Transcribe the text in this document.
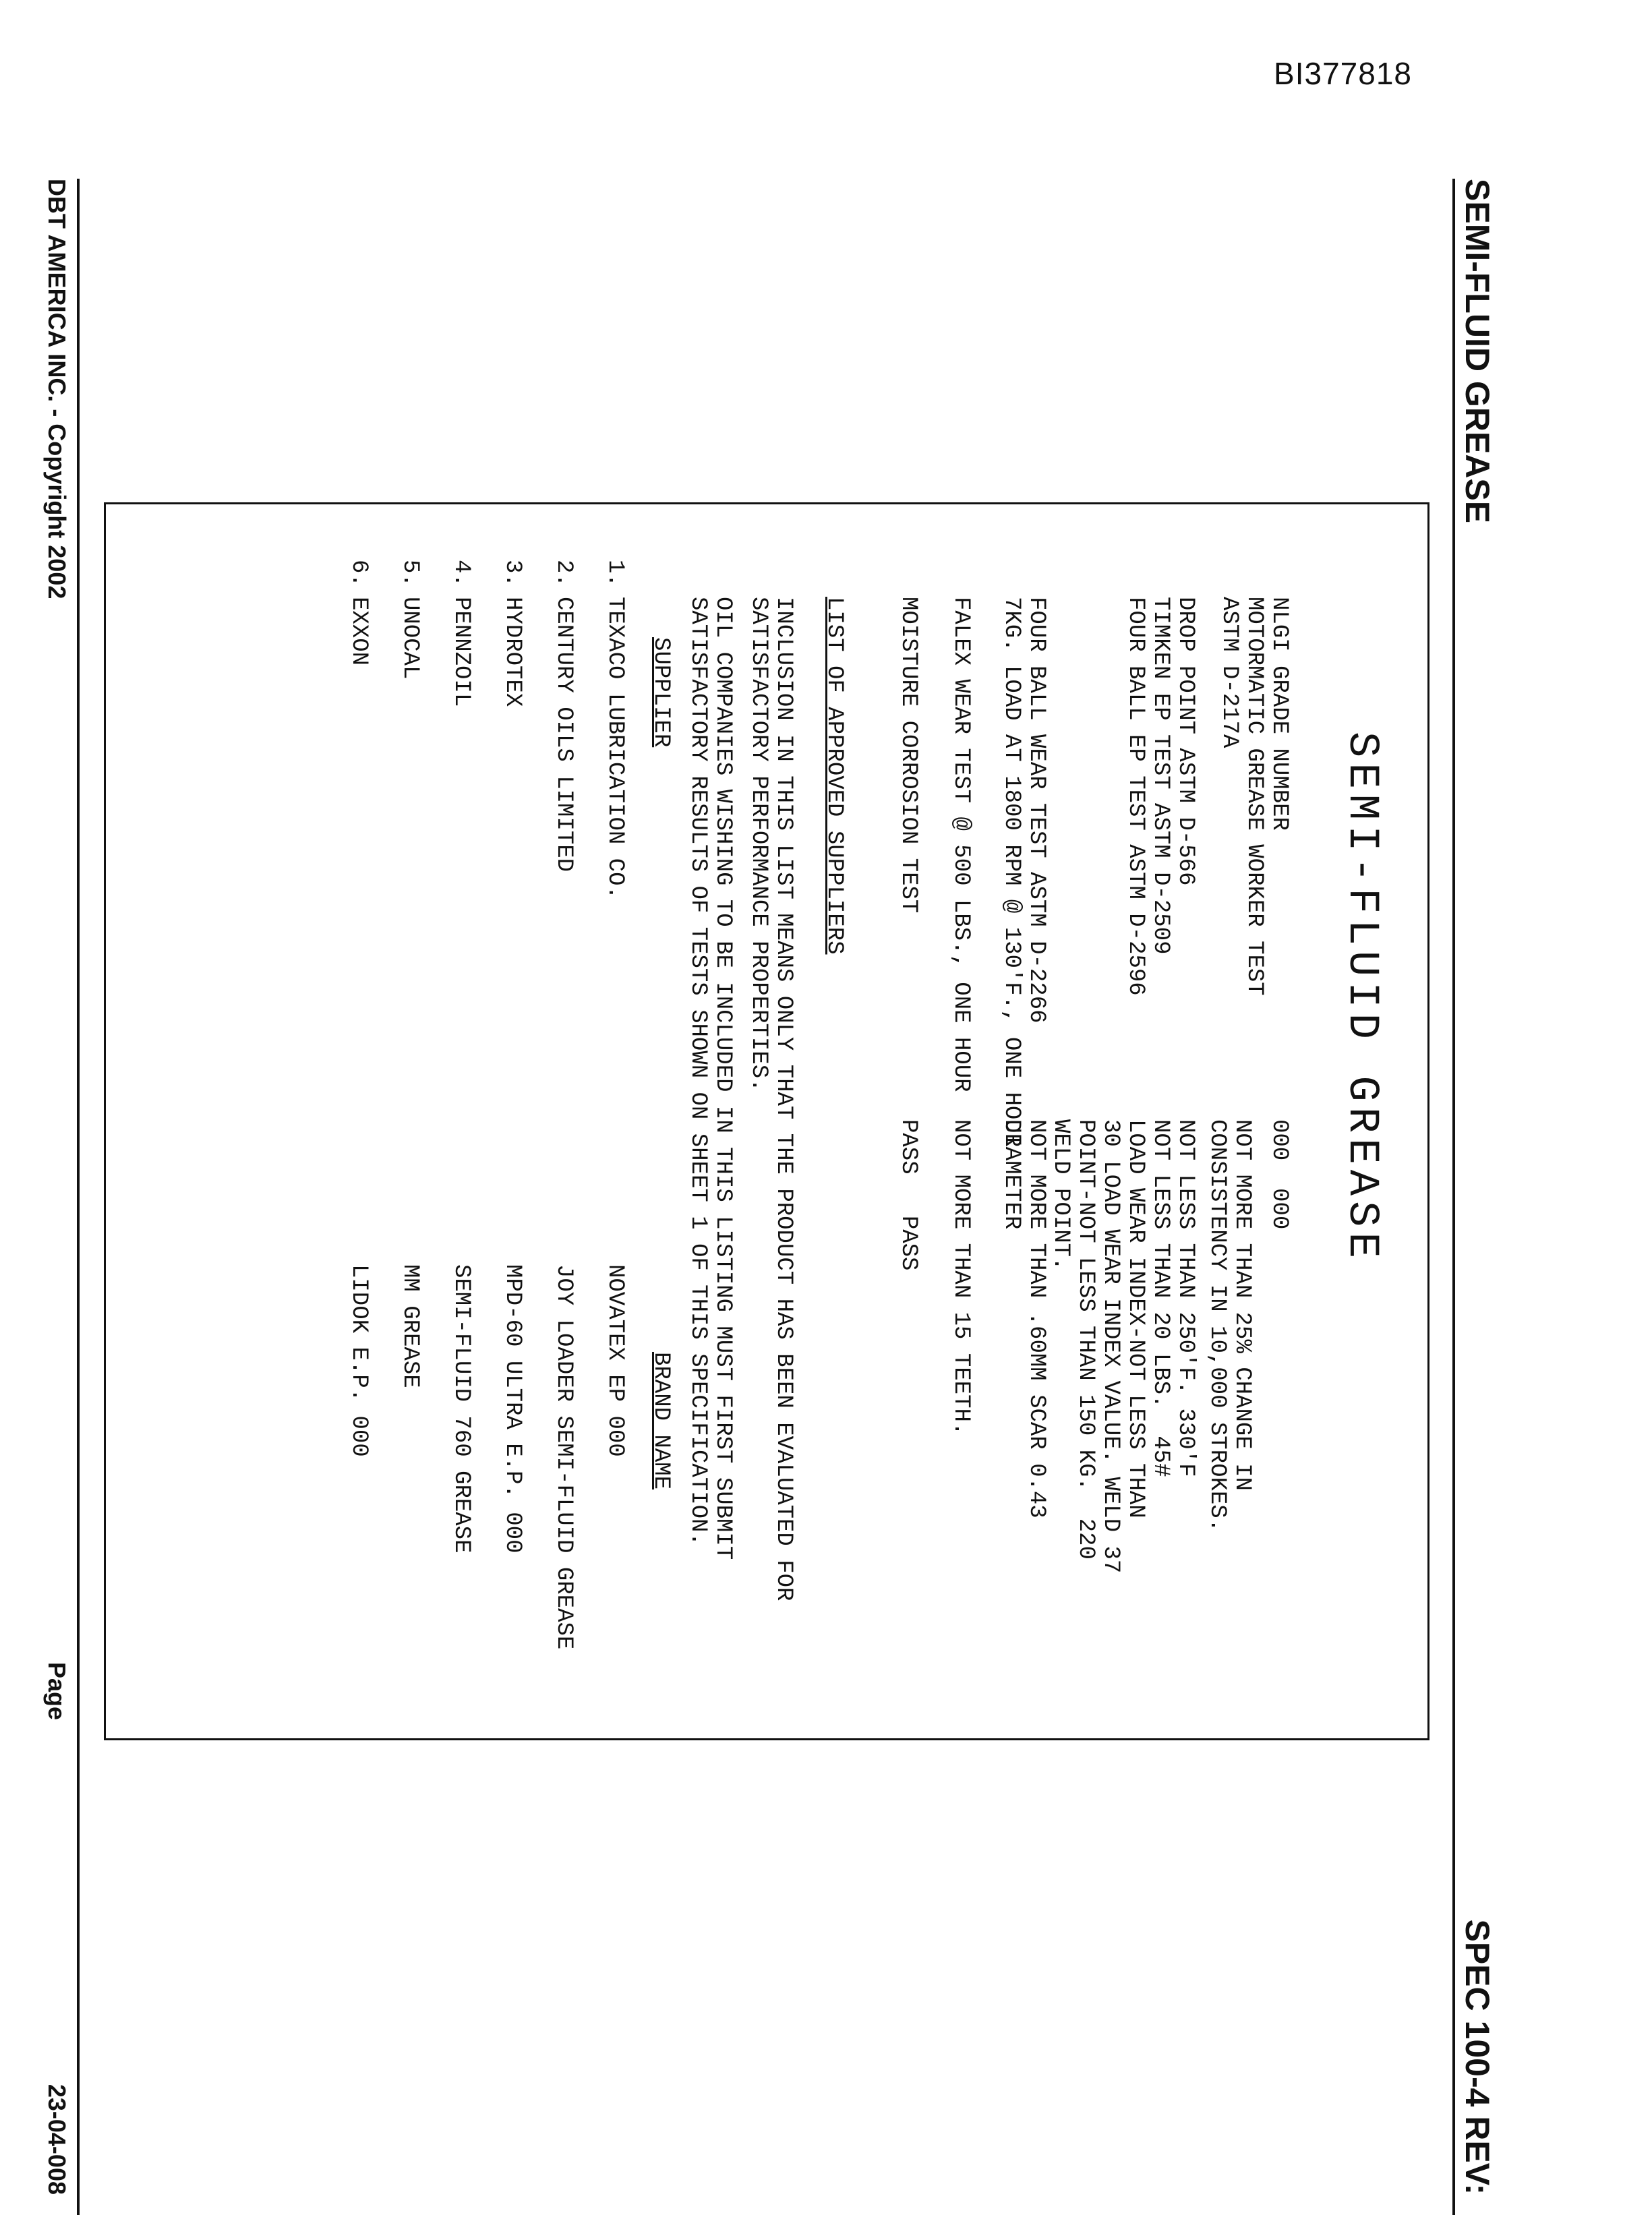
BI377818
SEMI-FLUID GREASE
SPEC 100-4 REV:
SEMI-FLUID GREASE
NLGI GRADE NUMBER
000  000
MOTORMATIC GREASE WORKER TEST
ASTM D-217A
NOT MORE THAN 25% CHANGE IN
CONSISTENCY IN 10,000 STROKES.
DROP POINT ASTM D-566
TIMKEN EP TEST ASTM D-2509
FOUR BALL EP TEST ASTM D-2596
NOT LESS THAN 250'F. 330'F
NOT LESS THAN 20 LBS.  45#
LOAD WEAR INDEX-NOT LESS THAN
30 LOAD WEAR INDEX VALUE. WELD 37
POINT-NOT LESS THAN 150 KG.  220
WELD POINT.
FOUR BALL WEAR TEST ASTM D-2266
7KG. LOAD AT 1800 RPM @ 130'F., ONE HOUR NOT MORE THAN .60MM SCAR 0.43
DIAMETER
FALEX WEAR TEST @ 500 LBS., ONE HOUR
NOT MORE THAN 15 TEETH.
MOISTURE CORROSION TEST
PASS   PASS
LIST OF APPROVED SUPPLIERS
INCLUSION IN THIS LIST MEANS ONLY THAT THE PRODUCT HAS BEEN EVALUATED FOR
SATISFACTORY PERFORMANCE PROPERTIES.
OIL COMPANIES WISHING TO BE INCLUDED IN THIS LISTING MUST FIRST SUBMIT
SATISFACTORY RESULTS OF TESTS SHOWN ON SHEET 1 OF THIS SPECIFICATION.
SUPPLIER
BRAND NAME
1.
TEXACO LUBRICATION CO.
NOVATEX EP 000
2.
CENTURY OILS LIMITED
JOY LOADER SEMI-FLUID GREASE
3.
HYDROTEX
MPD-60 ULTRA E.P. 000
4.
PENNZOIL
SEMI-FLUID 760 GREASE
5.
UNOCAL
MM GREASE
6.
EXXON
LIDOK E.P. 000
DBT AMERICA INC. - Copyright 2002
Page
23-04-008
